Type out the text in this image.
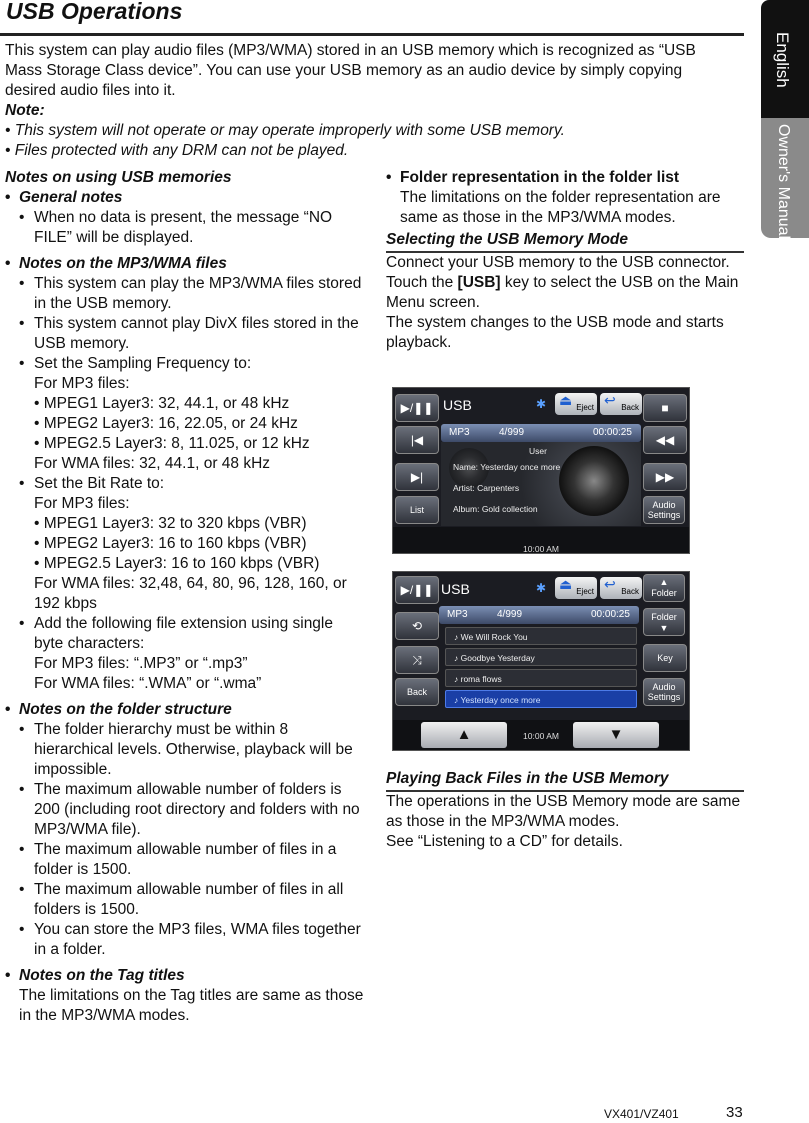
USB Operations
English
Owner's Manual

This system can play audio files (MP3/WMA) stored in an USB memory which is recognized as “USB Mass Storage Class device”. You can use your USB memory as an audio device by simply copying desired audio files into it.

Note:

• This system will not operate or may operate improperly with some USB memory.

• Files protected with any DRM can not be played.

Notes on using USB memories

• General notes
• When no data is present, the message “NO FILE” will be displayed.
• Notes on the MP3/WMA files
• This system can play the MP3/WMA files stored in the USB memory.
• This system cannot play DivX files stored in the USB memory.
• Set the Sampling Frequency to:
For MP3 files:
• MPEG1 Layer3: 32, 44.1, or 48 kHz
• MPEG2 Layer3: 16, 22.05, or 24 kHz
• MPEG2.5 Layer3: 8, 11.025, or 12 kHz
For WMA files: 32, 44.1, or 48 kHz
• Set the Bit Rate to:
For MP3 files:
• MPEG1 Layer3: 32 to 320 kbps (VBR)
• MPEG2 Layer3: 16 to 160 kbps (VBR)
• MPEG2.5 Layer3: 16 to 160 kbps (VBR)
For WMA files: 32,48, 64, 80, 96, 128, 160, or 192 kbps
• Add the following file extension using single byte characters:
For MP3 files: “.MP3” or “.mp3”
For WMA files: “.WMA” or “.wma”
• Notes on the folder structure
• The folder hierarchy must be within 8 hierarchical levels. Otherwise, playback will be impossible.
• The maximum allowable number of folders is 200 (including root directory and folders with no MP3/WMA file).
• The maximum allowable number of files in a folder is 1500.
• The maximum allowable number of files in all folders is 1500.
• You can store the MP3 files, WMA files together in a folder.
• Notes on the Tag titles
The limitations on the Tag titles are same as those in the MP3/WMA modes.
• Folder representation in the folder list
The limitations on the folder representation are same as those in the MP3/WMA modes.

Selecting the USB Memory Mode

Connect your USB memory to the USB connector. Touch the [USB] key to select the USB on the Main Menu screen.

The system changes to the USB mode and starts playback.

▶/❚❚
|◀
▶|
List
■
◀◀
▶▶
Audio Settings
USB	✱	⏏ Eject	↩ Back
MP3	4/999	00:00:25
User
Name: Yesterday once more
Artist: Carpenters
Album: Gold collection
10:00 AM
▶/❚❚
⟲
⤨
Back
▲
Folder
Folder
▼
Key
Audio Settings
USB	✱	⏏ Eject	↩ Back
MP3	4/999	00:00:25
♪ We Will Rock You
♪ Goodbye Yesterday
♪ roma flows
♪ Yesterday once more
▲	▼
10:00 AM

Playing Back Files in the USB Memory

The operations in the USB Memory mode are same as those in the MP3/WMA modes.

See “Listening to a CD” for details.

VX401/VZ401	33
